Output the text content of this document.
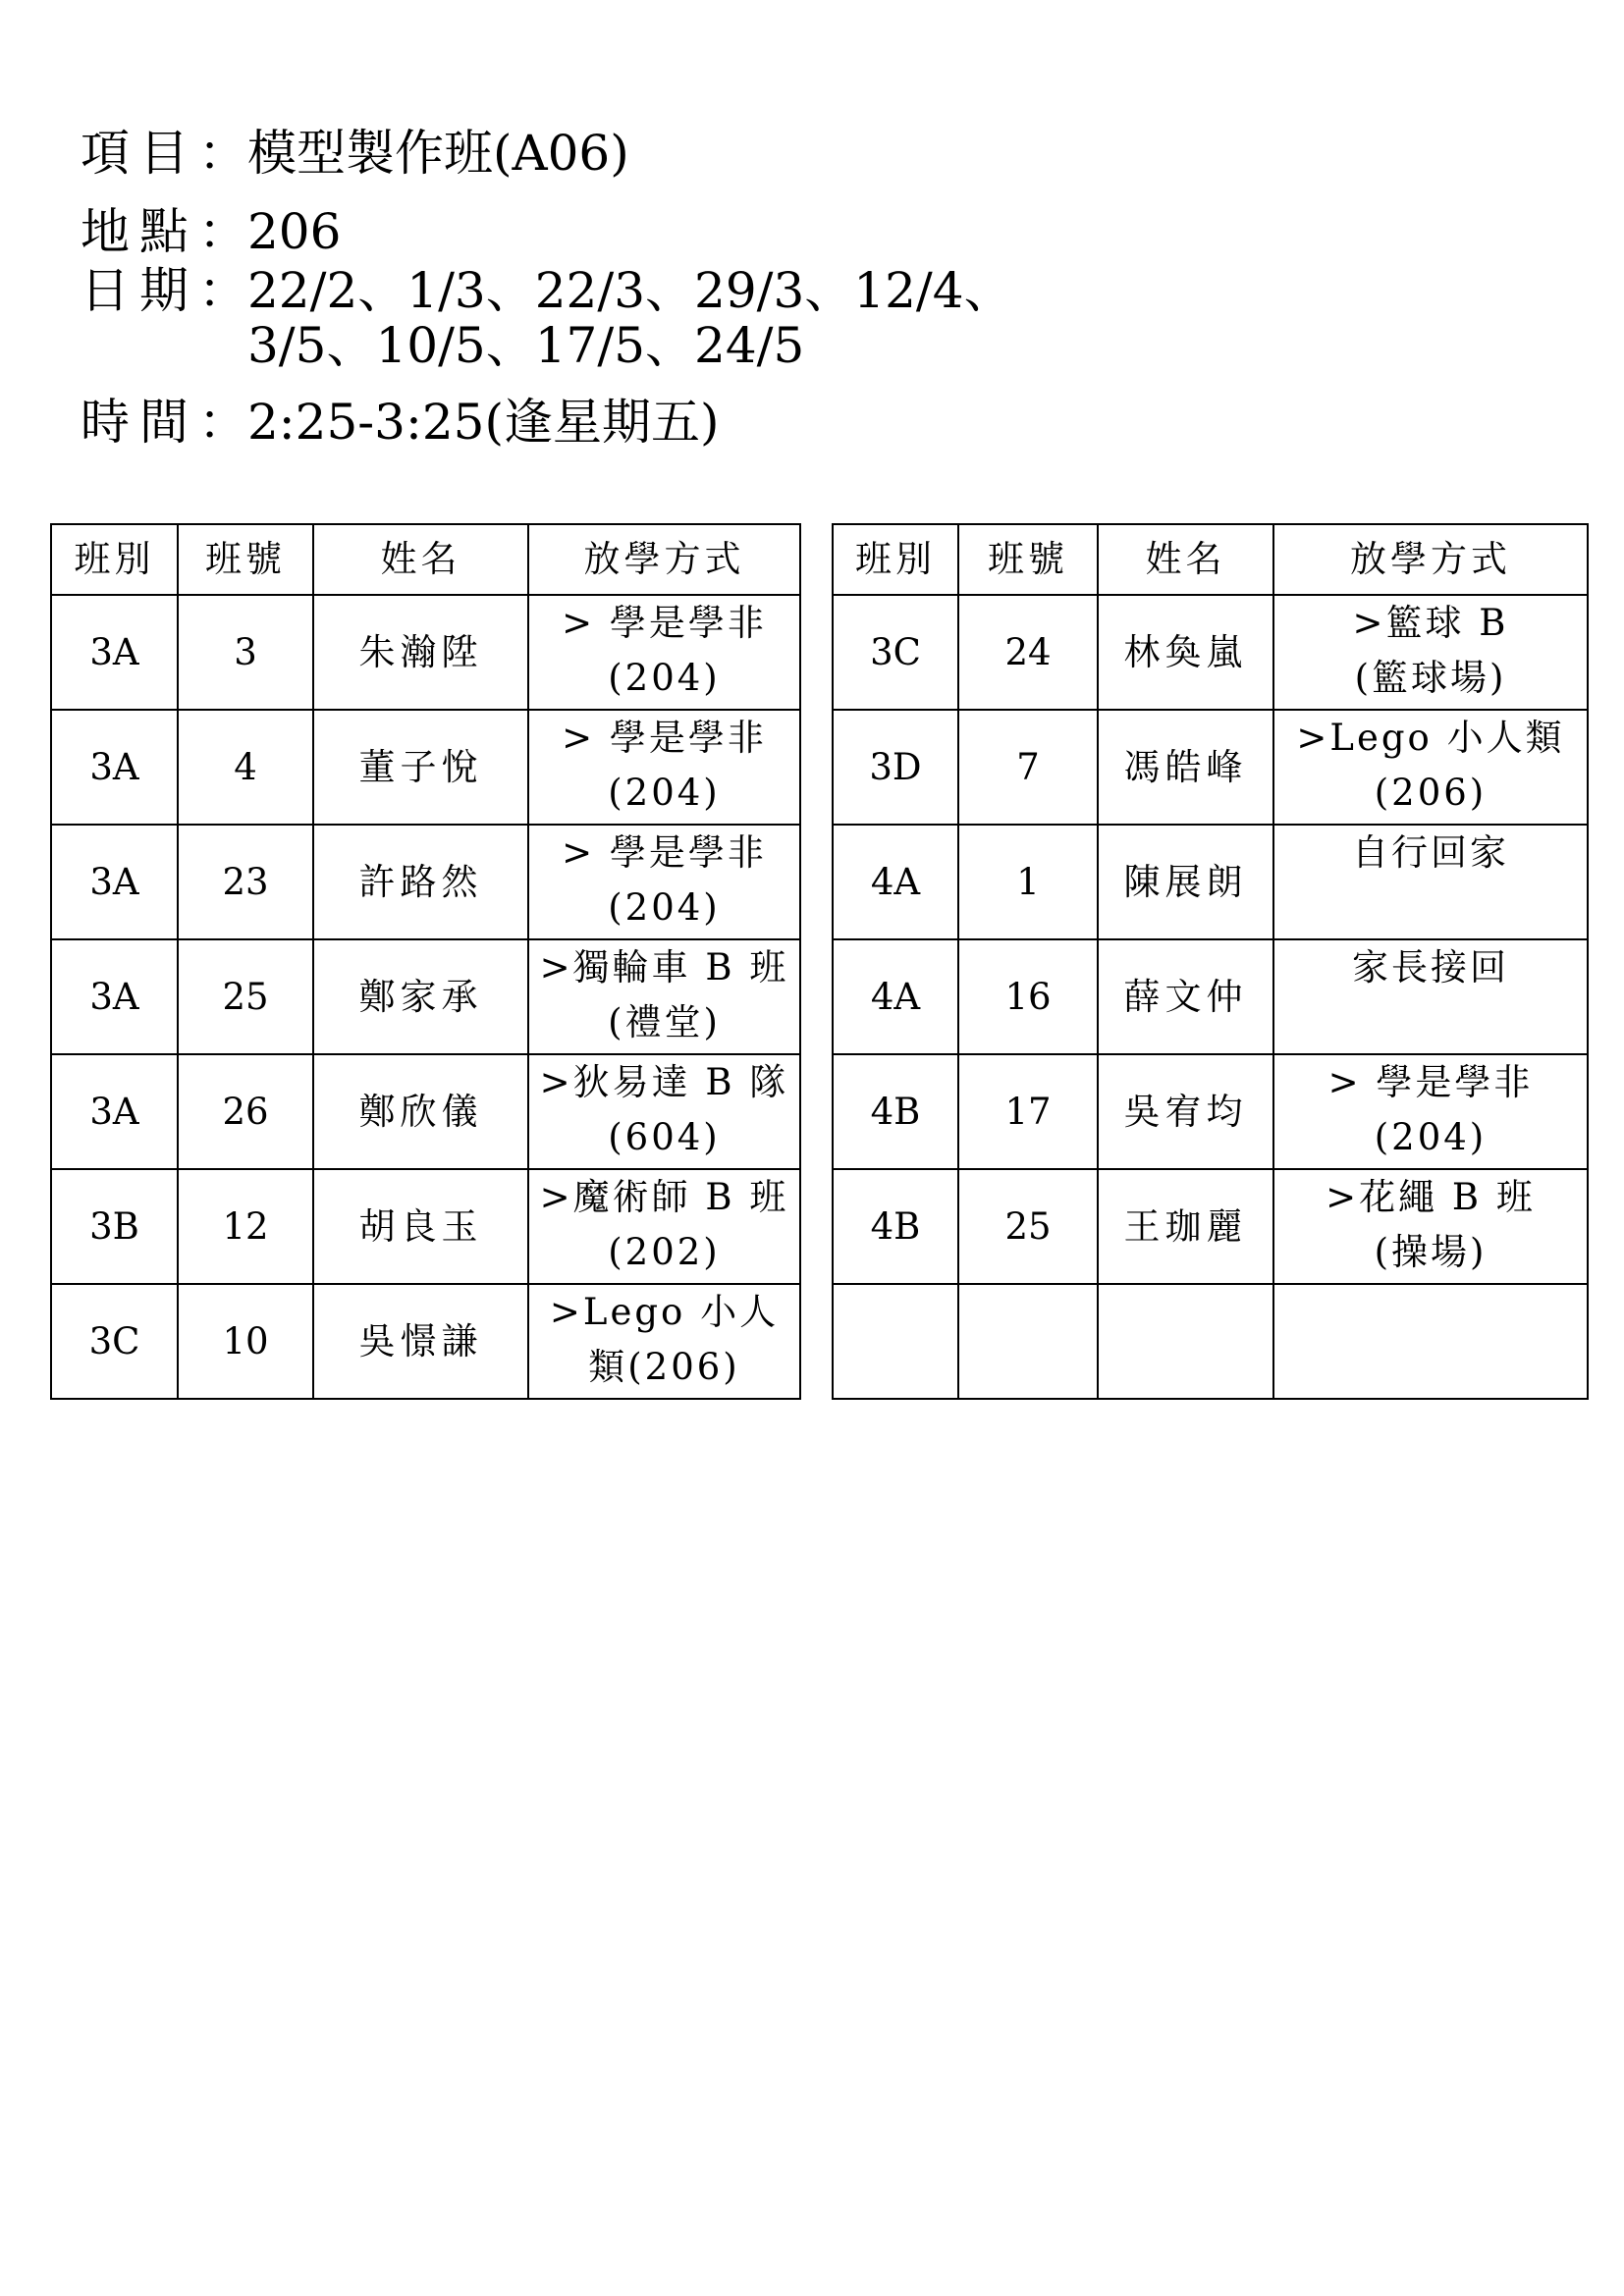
項目 ： 模型製作班(A06)
地點 ： 206
日期 ： 22/2、1/3、22/3、29/3、12/4、
3/5、10/5、17/5、24/5
時間 ： 2:25-3:25(逢星期五)
班別	班號	姓名	放學方式
3A	3	朱瀚陞	> 學是學非
(204)

3A	4	董子悅	> 學是學非
(204)

3A	23	許路然	> 學是學非
(204)

3A	25	鄭家承	>獨輪車 B 班
(禮堂)

3A	26	鄭欣儀	>狄易達 B 隊
(604)

3B	12	胡良玉	>魔術師 B 班
(202)

3C	10	吳憬謙	>Lego 小人
類(206)
班別	班號	姓名	放學方式
3C	24	林奐嵐	>籃球 B
(籃球場)

3D	7	馮皓峰	>Lego 小人類
(206)

4A	1	陳展朗	自行回家

4A	16	薛文仲	家長接回

4B	17	吳宥均	> 學是學非
(204)

4B	25	王珈麗	>花繩 B 班
(操場)
